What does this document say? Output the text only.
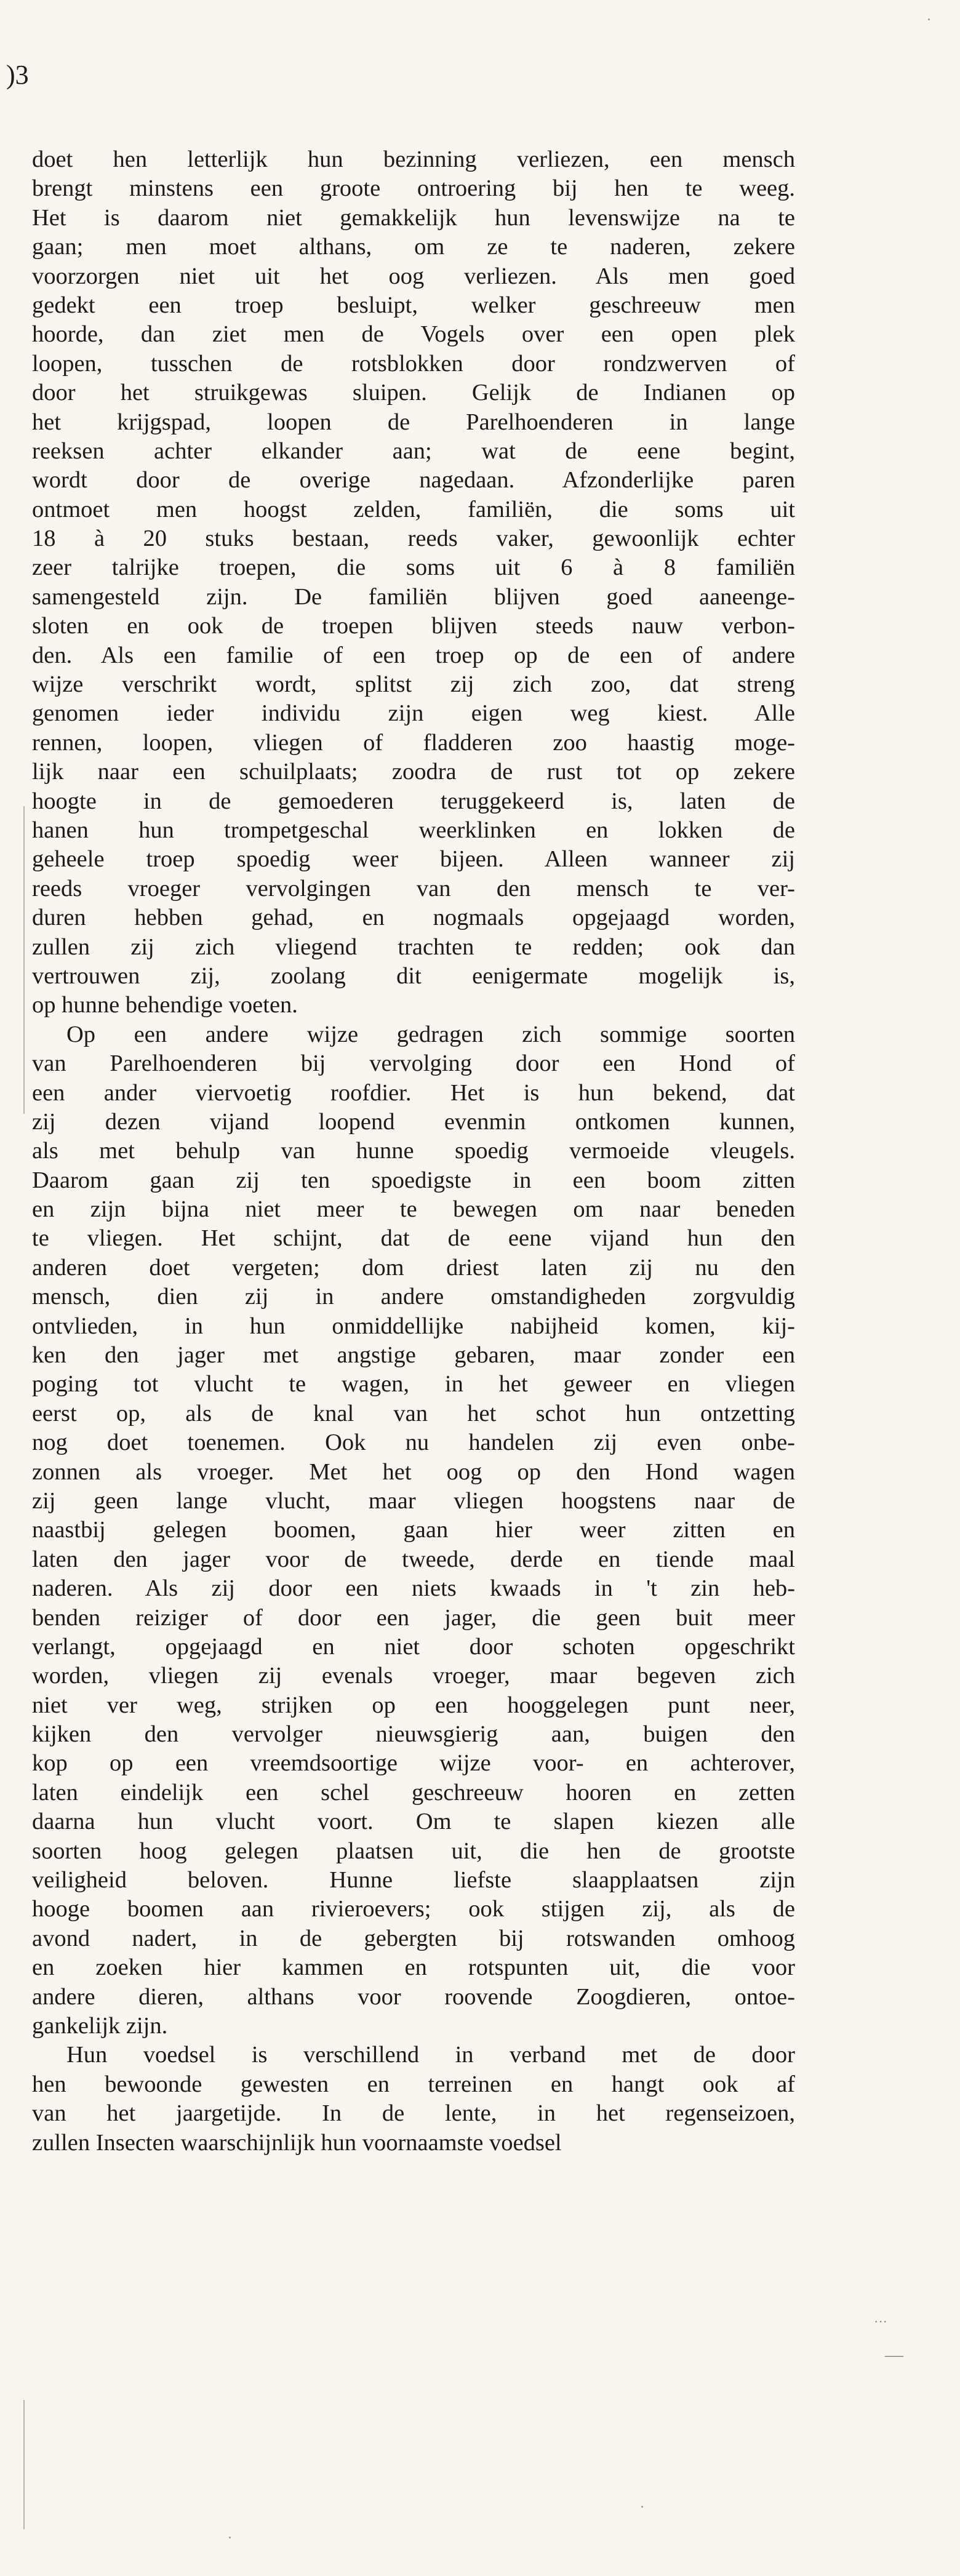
)3
—
···
doet hen letterlijk hun bezinning verliezen, een mensch
brengt minstens een groote ontroering bij hen te weeg.
Het is daarom niet gemakkelijk hun levenswijze na te
gaan; men moet althans, om ze te naderen, zekere
voorzorgen niet uit het oog verliezen. Als men goed
gedekt een troep besluipt, welker geschreeuw men
hoorde, dan ziet men de Vogels over een open plek
loopen, tusschen de rotsblokken door rondzwerven of
door het struikgewas sluipen. Gelijk de Indianen op
het krijgspad, loopen de Parelhoenderen in lange
reeksen achter elkander aan; wat de eene begint,
wordt door de overige nagedaan. Afzonderlijke paren
ontmoet men hoogst zelden, familiën, die soms uit
18 à 20 stuks bestaan, reeds vaker, gewoonlijk echter
zeer talrijke troepen, die soms uit 6 à 8 familiën
samengesteld zijn. De familiën blijven goed aaneenge-
sloten en ook de troepen blijven steeds nauw verbon-
den. Als een familie of een troep op de een of andere
wijze verschrikt wordt, splitst zij zich zoo, dat streng
genomen ieder individu zijn eigen weg kiest. Alle
rennen, loopen, vliegen of fladderen zoo haastig moge-
lijk naar een schuilplaats; zoodra de rust tot op zekere
hoogte in de gemoederen teruggekeerd is, laten de
hanen hun trompetgeschal weerklinken en lokken de
geheele troep spoedig weer bijeen. Alleen wanneer zij
reeds vroeger vervolgingen van den mensch te ver-
duren hebben gehad, en nogmaals opgejaagd worden,
zullen zij zich vliegend trachten te redden; ook dan
vertrouwen zij, zoolang dit eenigermate mogelijk is,
op hunne behendige voeten.
Op een andere wijze gedragen zich sommige soorten
van Parelhoenderen bij vervolging door een Hond of
een ander viervoetig roofdier. Het is hun bekend, dat
zij dezen vijand loopend evenmin ontkomen kunnen,
als met behulp van hunne spoedig vermoeide vleugels.
Daarom gaan zij ten spoedigste in een boom zitten
en zijn bijna niet meer te bewegen om naar beneden
te vliegen. Het schijnt, dat de eene vijand hun den
anderen doet vergeten; dom driest laten zij nu den
mensch, dien zij in andere omstandigheden zorgvuldig
ontvlieden, in hun onmiddellijke nabijheid komen, kij-
ken den jager met angstige gebaren, maar zonder een
poging tot vlucht te wagen, in het geweer en vliegen
eerst op, als de knal van het schot hun ontzetting
nog doet toenemen. Ook nu handelen zij even onbe-
zonnen als vroeger. Met het oog op den Hond wagen
zij geen lange vlucht, maar vliegen hoogstens naar de
naastbij gelegen boomen, gaan hier weer zitten en
laten den jager voor de tweede, derde en tiende maal
naderen. Als zij door een niets kwaads in 't zin heb-
benden reiziger of door een jager, die geen buit meer
verlangt, opgejaagd en niet door schoten opgeschrikt
worden, vliegen zij evenals vroeger, maar begeven zich
niet ver weg, strijken op een hooggelegen punt neer,
kijken den vervolger nieuwsgierig aan, buigen den
kop op een vreemdsoortige wijze voor- en achterover,
laten eindelijk een schel geschreeuw hooren en zetten
daarna hun vlucht voort. Om te slapen kiezen alle
soorten hoog gelegen plaatsen uit, die hen de grootste
veiligheid beloven. Hunne liefste slaapplaatsen zijn
hooge boomen aan rivieroevers; ook stijgen zij, als de
avond nadert, in de gebergten bij rotswanden omhoog
en zoeken hier kammen en rotspunten uit, die voor
andere dieren, althans voor roovende Zoogdieren, ontoe-
gankelijk zijn.
Hun voedsel is verschillend in verband met de door
hen bewoonde gewesten en terreinen en hangt ook af
van het jaargetijde. In de lente, in het regenseizoen,
zullen Insecten waarschijnlijk hun voornaamste voedsel
